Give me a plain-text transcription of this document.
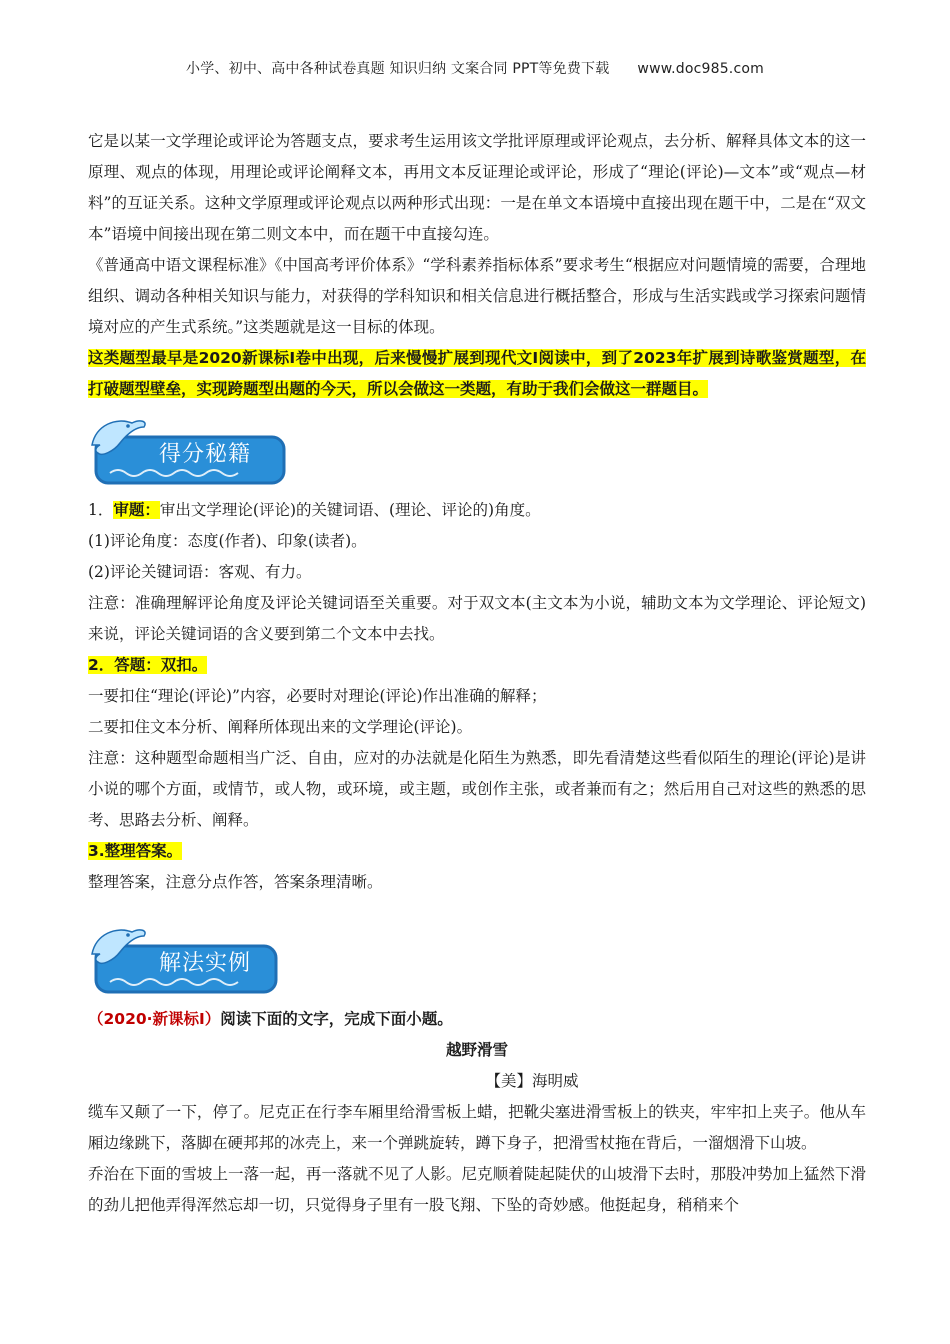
小学、初中、高中各种试卷真题 知识归纳 文案合同 PPT等免费下载 www.doc985.com

它是以某一文学理论或评论为答题支点，要求考生运用该文学批评原理或评论观点，去分析、解释具体文本的这一原理、观点的体现，用理论或评论阐释文本，再用文本反证理论或评论，形成了“理论(评论)—文本”或“观点—材料”的互证关系。这种文学原理或评论观点以两种形式出现：一是在单文本语境中直接出现在题干中，二是在“双文本”语境中间接出现在第二则文本中，而在题干中直接勾连。

《普通高中语文课程标准》《中国高考评价体系》“学科素养指标体系”要求考生“根据应对问题情境的需要，合理地组织、调动各种相关知识与能力，对获得的学科知识和相关信息进行概括整合，形成与生活实践或学习探索问题情境对应的产生式系统。”这类题就是这一目标的体现。

这类题型最早是2020新课标I卷中出现，后来慢慢扩展到现代文I阅读中，到了2023年扩展到诗歌鉴赏题型，在打破题型壁垒，实现跨题型出题的今天，所以会做这一类题，有助于我们会做这一群题目。

得分秘籍

1．审题：审出文学理论(评论)的关键词语、(理论、评论的)角度。

(1)评论角度：态度(作者)、印象(读者)。

(2)评论关键词语：客观、有力。

注意：准确理解评论角度及评论关键词语至关重要。对于双文本(主文本为小说，辅助文本为文学理论、评论短文)来说，评论关键词语的含义要到第二个文本中去找。

2．答题：双扣。

一要扣住“理论(评论)”内容，必要时对理论(评论)作出准确的解释；

二要扣住文本分析、阐释所体现出来的文学理论(评论)。

注意：这种题型命题相当广泛、自由，应对的办法就是化陌生为熟悉，即先看清楚这些看似陌生的理论(评论)是讲小说的哪个方面，或情节，或人物，或环境，或主题，或创作主张，或者兼而有之；然后用自己对这些的熟悉的思考、思路去分析、阐释。

3.整理答案。

整理答案，注意分点作答，答案条理清晰。

解法实例

（2020·新课标Ⅰ）阅读下面的文字，完成下面小题。

越野滑雪

【美】海明威

缆车又颠了一下，停了。尼克正在行李车厢里给滑雪板上蜡，把靴尖塞进滑雪板上的铁夹，牢牢扣上夹子。他从车厢边缘跳下，落脚在硬邦邦的冰壳上，来一个弹跳旋转，蹲下身子，把滑雪杖拖在背后，一溜烟滑下山坡。

乔治在下面的雪坡上一落一起，再一落就不见了人影。尼克顺着陡起陡伏的山坡滑下去时，那股冲势加上猛然下滑的劲儿把他弄得浑然忘却一切，只觉得身子里有一股飞翔、下坠的奇妙感。他挺起身，稍稍来个
